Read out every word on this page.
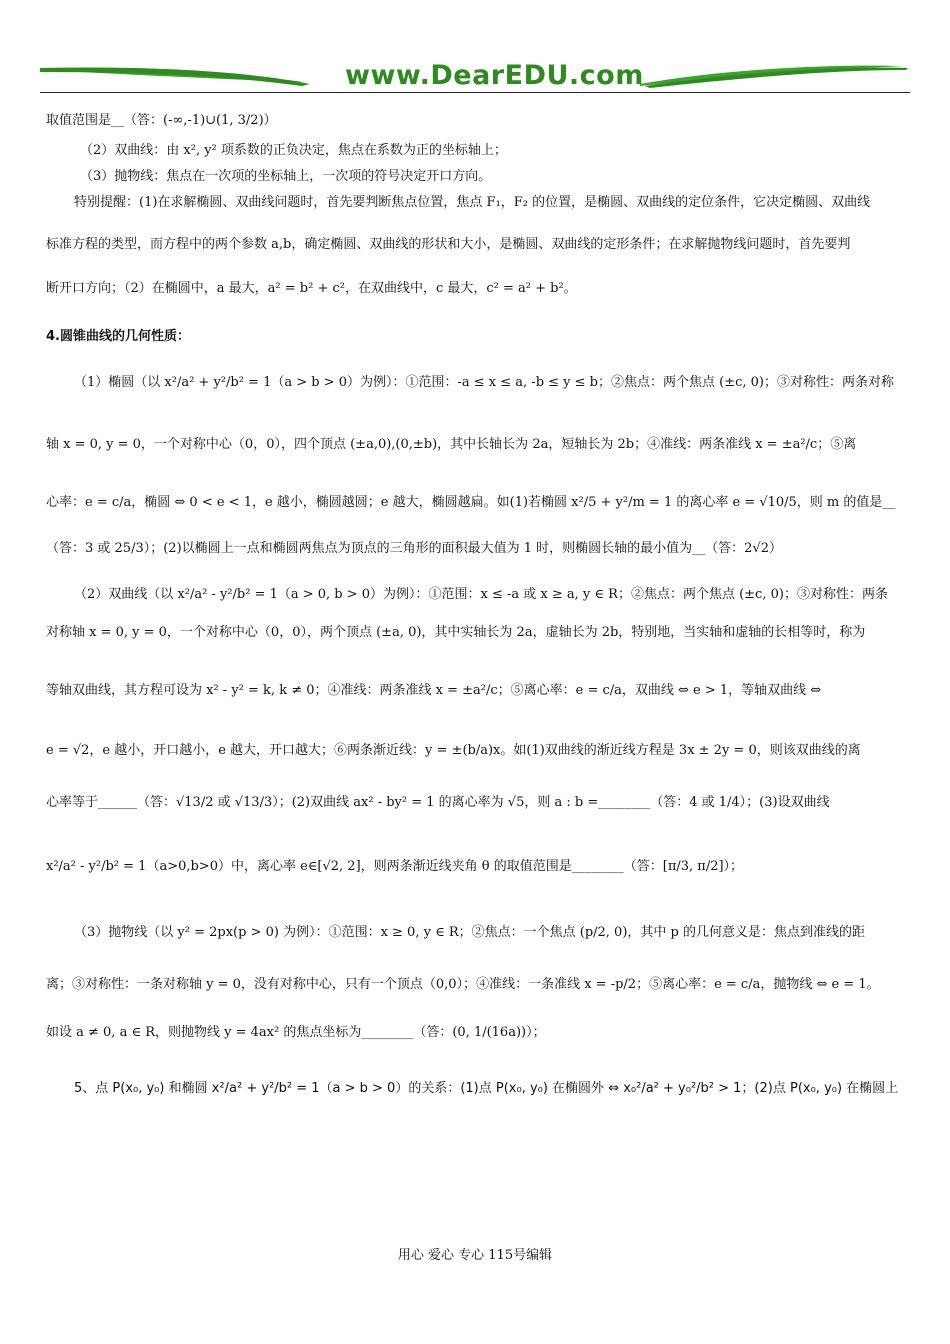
www.DearEDU.com

取值范围是__（答：(-∞,-1)∪(1, 3/2)）

（2）双曲线：由 x², y² 项系数的正负决定，焦点在系数为正的坐标轴上；

（3）抛物线：焦点在一次项的坐标轴上，一次项的符号决定开口方向。

特别提醒：(1)在求解椭圆、双曲线问题时，首先要判断焦点位置，焦点 F₁，F₂ 的位置，是椭圆、双曲线的定位条件，它决定椭圆、双曲线

标准方程的类型，而方程中的两个参数 a,b，确定椭圆、双曲线的形状和大小，是椭圆、双曲线的定形条件；在求解抛物线问题时，首先要判

断开口方向；（2）在椭圆中，a 最大，a² = b² + c²，在双曲线中，c 最大，c² = a² + b²。

4.圆锥曲线的几何性质：

（1）椭圆（以 x²/a² + y²/b² = 1（a > b > 0）为例）：①范围：-a ≤ x ≤ a, -b ≤ y ≤ b；②焦点：两个焦点 (±c, 0)；③对称性：两条对称

轴 x = 0, y = 0，一个对称中心（0，0），四个顶点 (±a,0),(0,±b)，其中长轴长为 2a，短轴长为 2b；④准线：两条准线 x = ±a²/c；⑤离

心率：e = c/a，椭圆 ⇔ 0 < e < 1，e 越小，椭圆越圆；e 越大，椭圆越扁。如(1)若椭圆 x²/5 + y²/m = 1 的离心率 e = √10/5，则 m 的值是__

（答：3 或 25/3）；(2)以椭圆上一点和椭圆两焦点为顶点的三角形的面积最大值为 1 时，则椭圆长轴的最小值为__（答：2√2）

（2）双曲线（以 x²/a² - y²/b² = 1（a > 0, b > 0）为例）：①范围：x ≤ -a 或 x ≥ a, y ∈ R；②焦点：两个焦点 (±c, 0)；③对称性：两条

对称轴 x = 0, y = 0，一个对称中心（0，0），两个顶点 (±a, 0)，其中实轴长为 2a，虚轴长为 2b，特别地，当实轴和虚轴的长相等时，称为

等轴双曲线，其方程可设为 x² - y² = k, k ≠ 0；④准线：两条准线 x = ±a²/c；⑤离心率：e = c/a，双曲线 ⇔ e > 1，等轴双曲线 ⇔

e = √2，e 越小，开口越小，e 越大，开口越大；⑥两条渐近线：y = ±(b/a)x。如(1)双曲线的渐近线方程是 3x ± 2y = 0，则该双曲线的离

心率等于______（答：√13/2 或 √13/3）；(2)双曲线 ax² - by² = 1 的离心率为 √5，则 a : b =________（答：4 或 1/4）；(3)设双曲线

x²/a² - y²/b² = 1（a>0,b>0）中，离心率 e∈[√2, 2]，则两条渐近线夹角 θ 的取值范围是________（答：[π/3, π/2]）；

（3）抛物线（以 y² = 2px(p > 0) 为例）：①范围：x ≥ 0, y ∈ R；②焦点：一个焦点 (p/2, 0)，其中 p 的几何意义是：焦点到准线的距

离；③对称性：一条对称轴 y = 0，没有对称中心，只有一个顶点（0,0）；④准线：一条准线 x = -p/2；⑤离心率：e = c/a，抛物线 ⇔ e = 1。

如设 a ≠ 0, a ∈ R，则抛物线 y = 4ax² 的焦点坐标为________（答：(0, 1/(16a))）；

5、点 P(x₀, y₀) 和椭圆 x²/a² + y²/b² = 1（a > b > 0）的关系：(1)点 P(x₀, y₀) 在椭圆外 ⇔ x₀²/a² + y₀²/b² > 1；(2)点 P(x₀, y₀) 在椭圆上

用心 爱心 专心 115号编辑
